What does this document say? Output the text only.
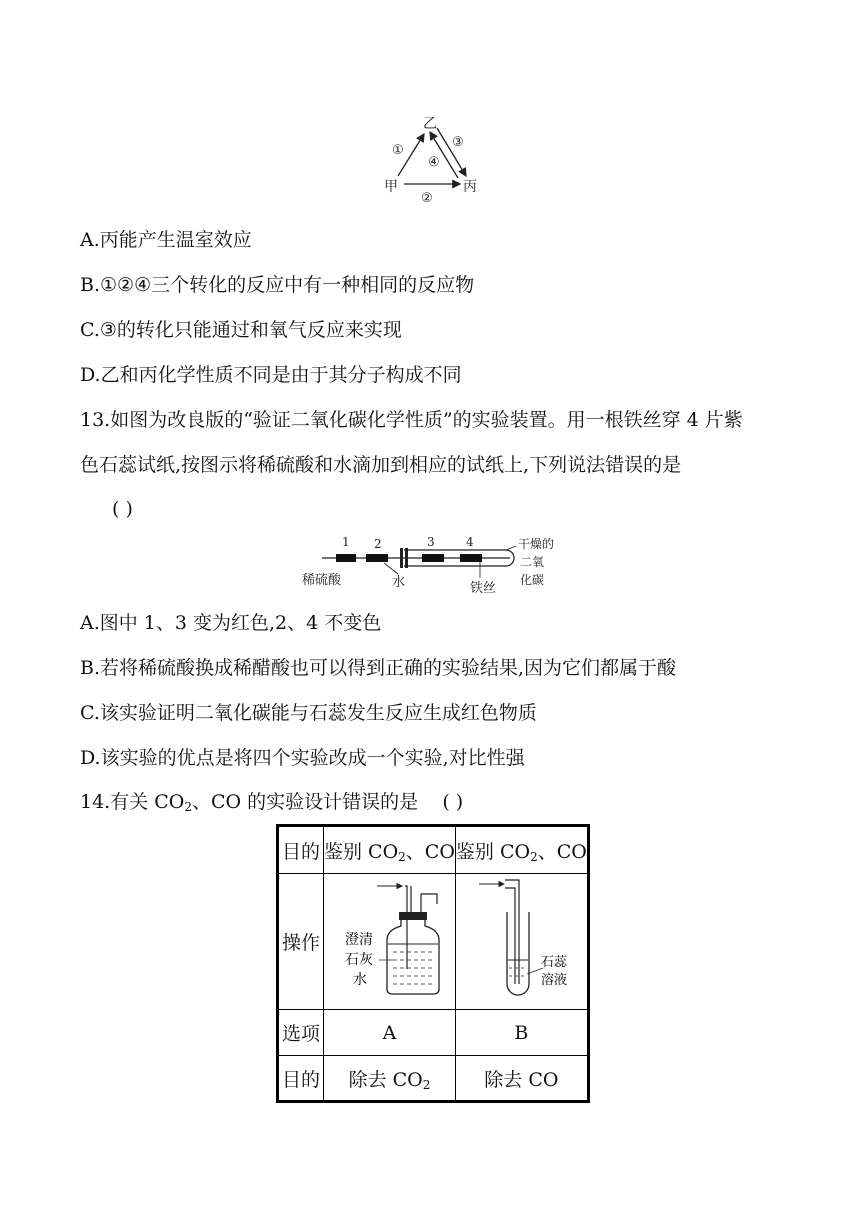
乙
甲	丙
①
②
③
④
A.丙能产生温室效应
B.①②④三个转化的反应中有一种相同的反应物
C.③的转化只能通过和氧气反应来实现
D.乙和丙化学性质不同是由于其分子构成不同
13.如图为改良版的“验证二氧化碳化学性质”的实验装置。用一根铁丝穿 4 片紫
色石蕊试纸,按图示将稀硫酸和水滴加到相应的试纸上,下列说法错误的是
( )
1 2	3	4
稀硫酸	水	铁丝
干燥的
二氧
化碳
A.图中 1、3 变为红色,2、4 不变色
B.若将稀硫酸换成稀醋酸也可以得到正确的实验结果,因为它们都属于酸
C.该实验证明二氧化碳能与石蕊发生反应生成红色物质
D.该实验的优点是将四个实验改成一个实验,对比性强
14.有关 $CO_2$、CO 的实验设计错误的是 ( )
目的	鉴别 $CO_2$、CO	鉴别 $CO_2$、CO
操作	澄清
石灰
水	石蕊
溶液

选项	A	B
目的	除去 $CO_2$	除去 CO
